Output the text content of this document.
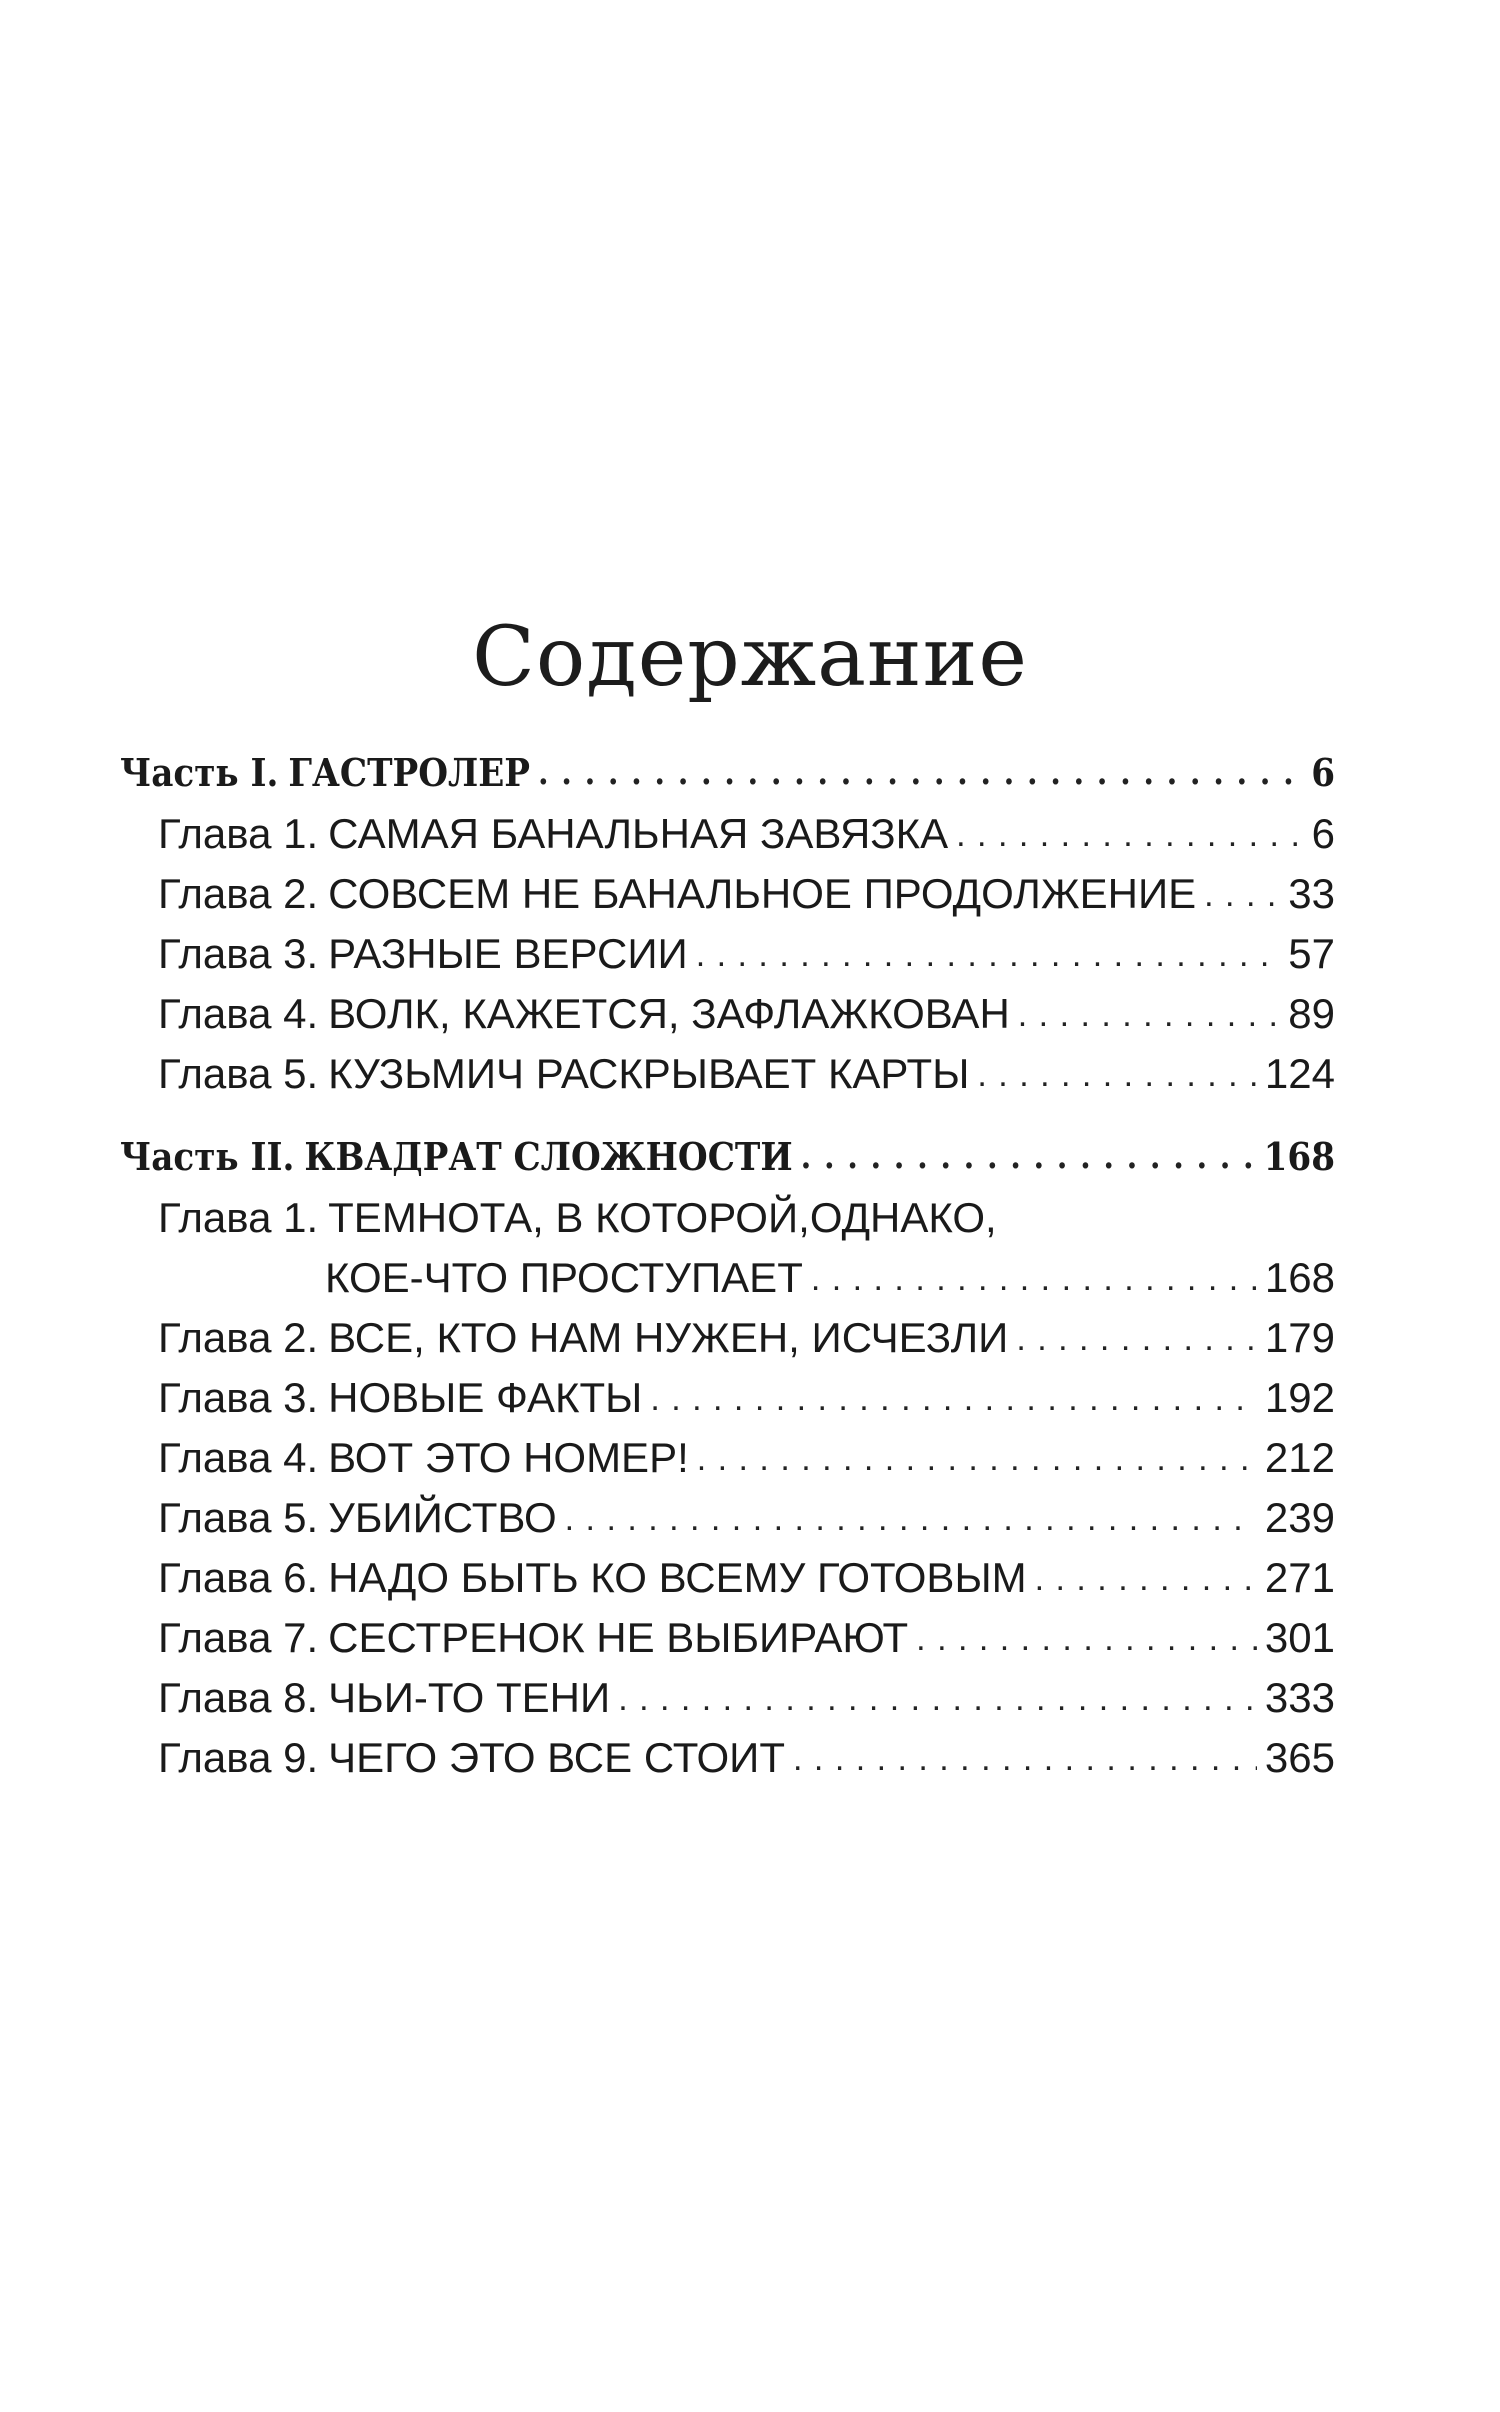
Содержание
Часть I. ГАСТРОЛЕР . . .	6
Глава 1. САМАЯ БАНАЛЬНАЯ ЗАВЯЗКА . . .	6
Глава 2. СОВСЕМ НЕ БАНАЛЬНОЕ ПРОДОЛЖЕНИЕ . . . 33
Глава 3. РАЗНЫЕ ВЕРСИИ . . .	57
Глава 4. ВОЛК, КАЖЕТСЯ, ЗАФЛАЖКОВАН . . .	89
Глава 5. КУЗЬМИЧ РАСКРЫВАЕТ КАРТЫ . . .	124
Часть II. КВАДРАТ СЛОЖНОСТИ . . .	168
Глава 1. ТЕМНОТА, В КОТОРОЙ,ОДНАКО,
КОЕ-ЧТО ПРОСТУПАЕТ . . .	168
Глава 2. ВСЕ, КТО НАМ НУЖЕН, ИСЧЕЗЛИ . . .	179
Глава 3. НОВЫЕ ФАКТЫ . . .	192
Глава 4. ВОТ ЭТО НОМЕР! . . .	212
Глава 5. УБИЙСТВО . . .	239
Глава 6. НАДО БЫТЬ КО ВСЕМУ ГОТОВЫМ . . .	271
Глава 7. СЕСТРЕНОК НЕ ВЫБИРАЮТ . . .	301
Глава 8. ЧЬИ-ТО ТЕНИ . . .	333
Глава 9. ЧЕГО ЭТО ВСЕ СТОИТ . . .	365
